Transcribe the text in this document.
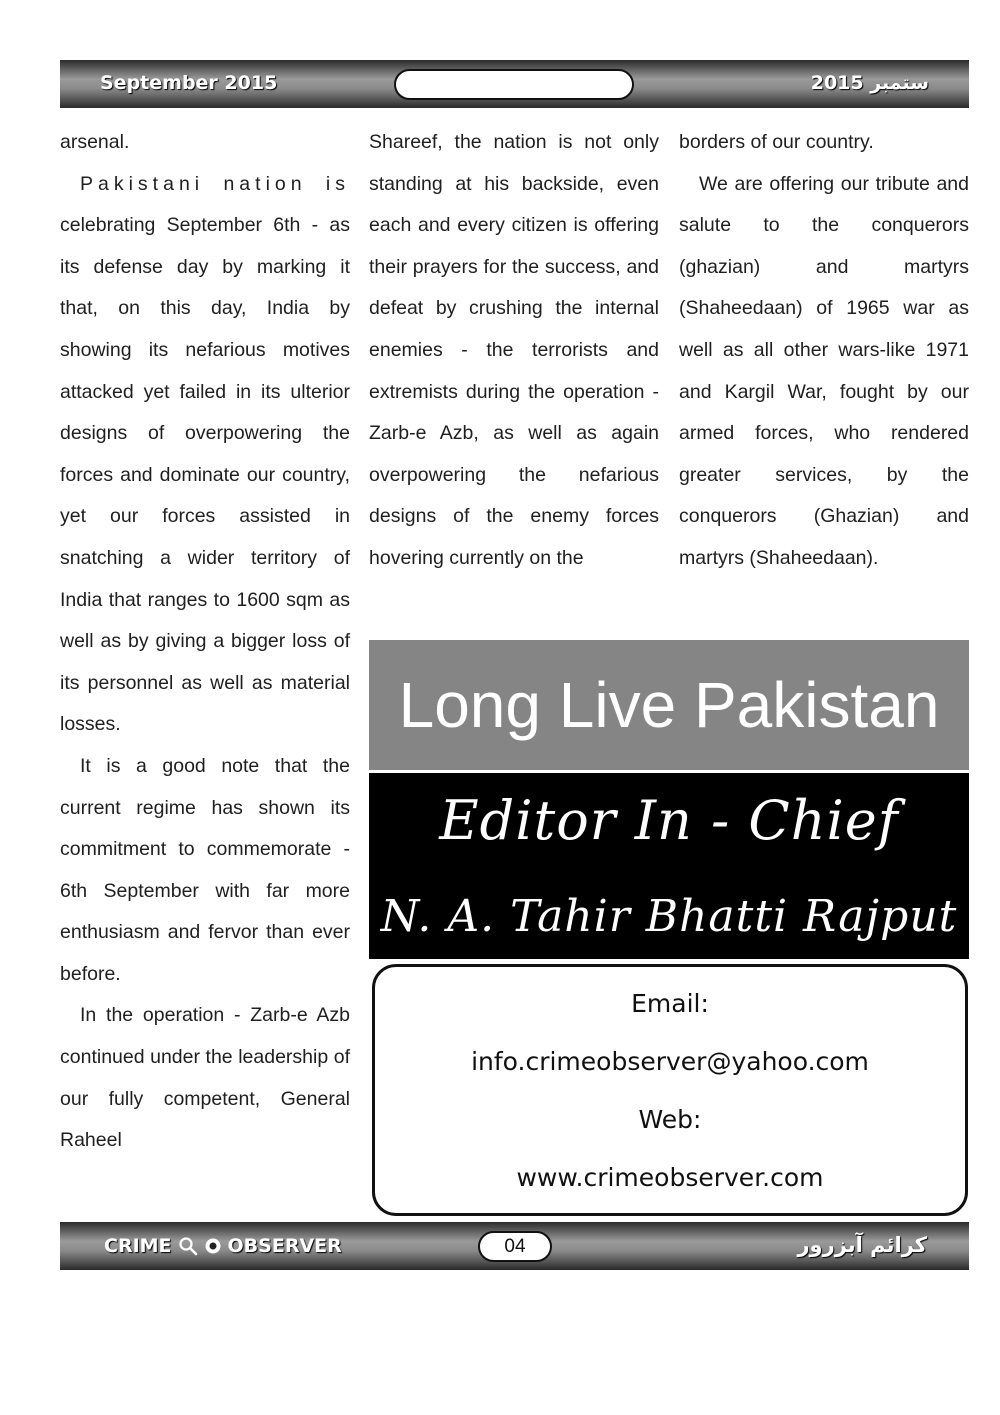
September 2015	2015 ستمبر

arsenal.

Pakistani nation is celebrating September 6th - as its defense day by marking it that, on this day, India by showing its nefarious motives attacked yet failed in its ulterior designs of overpowering the forces and dominate our country, yet our forces assisted in snatching a wider territory of India that ranges to 1600 sqm as well as by giving a bigger loss of its personnel as well as material losses.

It is a good note that the current regime has shown its commitment to commemorate - 6th September with far more enthusiasm and fervor than ever before.

In the operation - Zarb-e Azb continued under the leadership of our fully competent, General Raheel

Shareef, the nation is not only standing at his backside, even each and every citizen is offering their prayers for the success, and defeat by crushing the internal enemies - the terrorists and extremists during the operation - Zarb-e Azb, as well as again overpowering the nefarious designs of the enemy forces hovering currently on the

borders of our country.

We are offering our tribute and salute to the conquerors (ghazian) and martyrs (Shaheedaan) of 1965 war as well as all other wars-like 1971 and Kargil War, fought by our armed forces, who rendered greater services, by the conquerors (Ghazian) and martyrs (Shaheedaan).

Long Live Pakistan
Editor In - Chief
N. A. Tahir Bhatti Rajput
Email:
info.crimeobserver@yahoo.com
Web:
www.crimeobserver.com
CRIME	OBSERVER	04	کرائم آبزرور
